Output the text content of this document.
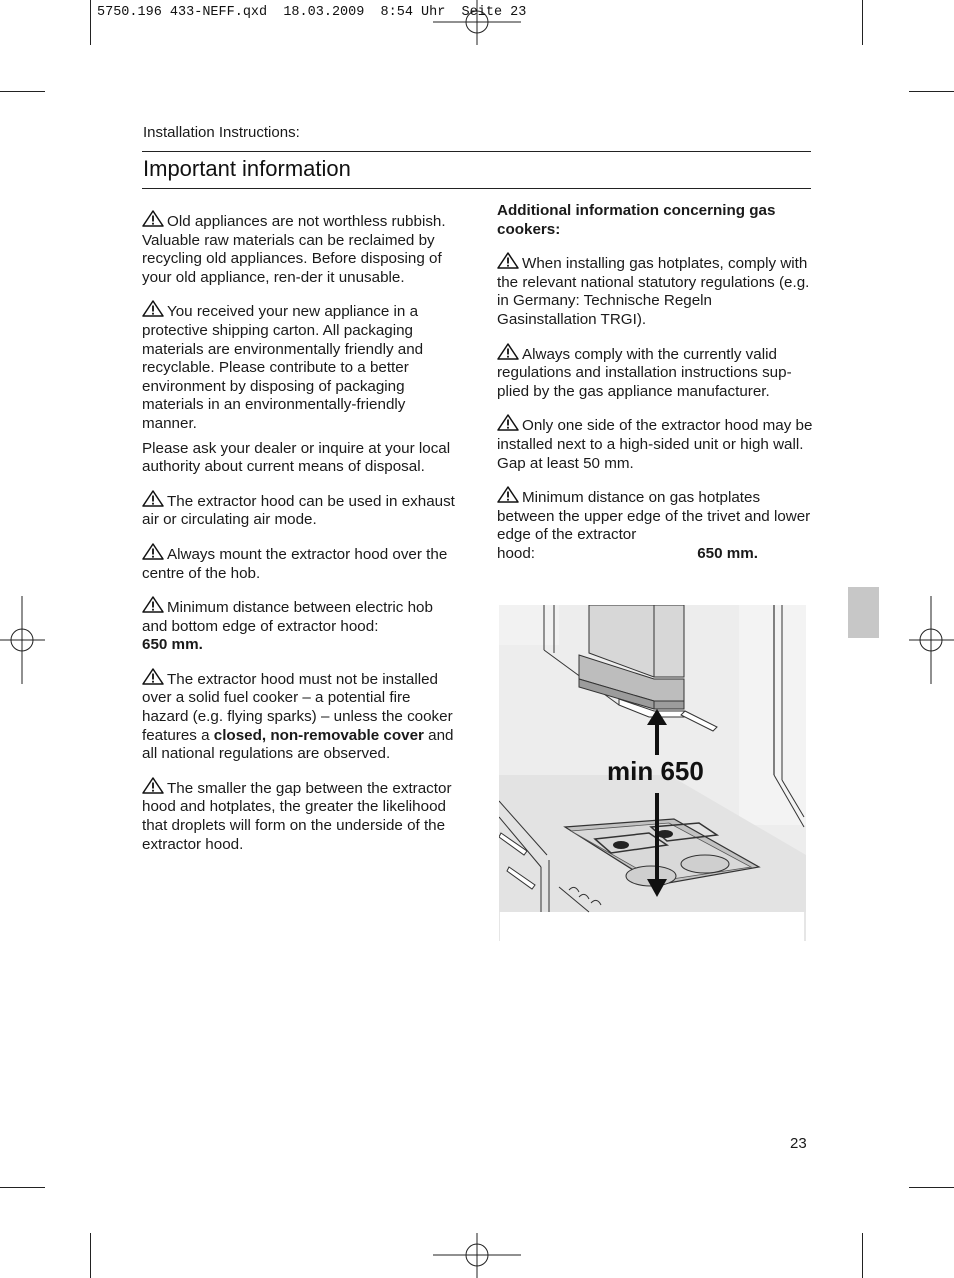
5750.196 433-NEFF.qxd  18.03.2009  8:54 Uhr  Seite 23
Installation Instructions:
Important information

Old appliances are not worthless rubbish. Valuable raw materials can be reclaimed by recycling old appliances. Before disposing of your old appliance, ren-der it unusable.

You received your new appliance in a protective shipping carton. All packaging materials are environmentally friendly and recyclable. Please contribute to a better environment by disposing of packaging materials in an environmentally-friendly manner.

Please ask your dealer or inquire at your local authority about current means of disposal.

The extractor hood can be used in exhaust air or circulating air mode.

Always mount the extractor hood over the centre of the hob.

Minimum distance between electric hob and bottom edge of extractor hood:
650 mm.

The extractor hood must not be installed over a solid fuel cooker – a potential fire hazard (e.g. flying sparks) – unless the cooker features a closed, non-removable cover and all national regulations are observed.

The smaller the gap between the extractor hood and hotplates, the greater the likelihood that droplets will form on the underside of the extractor hood.

Additional information concerning gas cookers:

When installing gas hotplates, comply with the relevant national statutory regulations (e.g. in Germany: Technische Regeln Gasinstallation TRGI).

Always comply with the currently valid regulations and installation instructions sup-plied by the gas appliance manufacturer.

Only one side of the extractor hood may be installed next to a high-sided unit or high wall. Gap at least 50 mm.

Minimum distance on gas hotplates between the upper edge of the trivet and lower edge of the extractor

hood:	650 mm.

min 650
23
